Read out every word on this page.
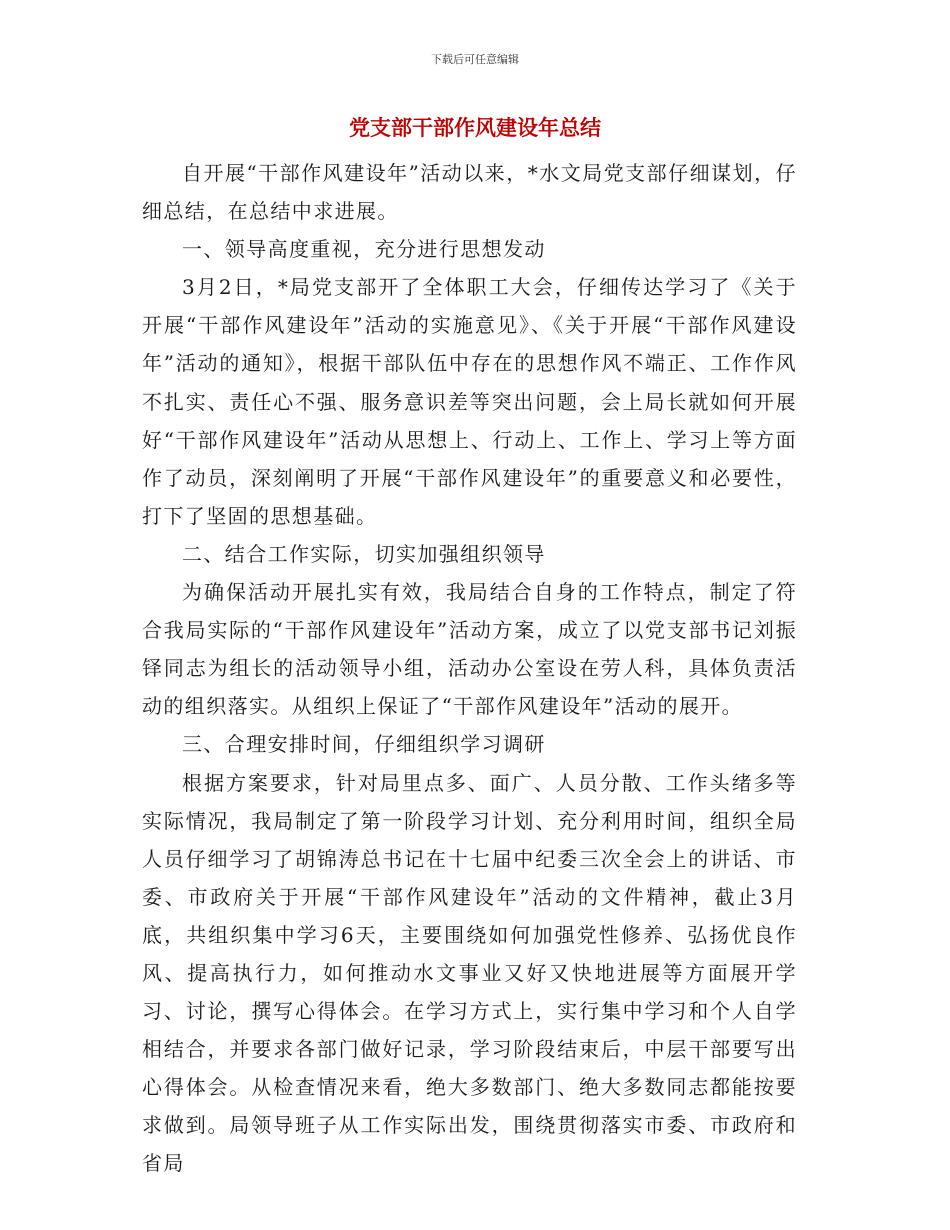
下载后可任意编辑
党支部干部作风建设年总结

自开展“干部作风建设年”活动以来，*水文局党支部仔细谋划，仔细总结，在总结中求进展。

一、领导高度重视，充分进行思想发动

3月2日，*局党支部开了全体职工大会，仔细传达学习了《关于开展“干部作风建设年”活动的实施意见》、《关于开展“干部作风建设年”活动的通知》，根据干部队伍中存在的思想作风不端正、工作作风不扎实、责任心不强、服务意识差等突出问题，会上局长就如何开展好“干部作风建设年”活动从思想上、行动上、工作上、学习上等方面作了动员，深刻阐明了开展“干部作风建设年”的重要意义和必要性，打下了坚固的思想基础。

二、结合工作实际，切实加强组织领导

为确保活动开展扎实有效，我局结合自身的工作特点，制定了符合我局实际的“干部作风建设年”活动方案，成立了以党支部书记刘振铎同志为组长的活动领导小组，活动办公室设在劳人科，具体负责活动的组织落实。从组织上保证了“干部作风建设年”活动的展开。

三、合理安排时间，仔细组织学习调研

根据方案要求，针对局里点多、面广、人员分散、工作头绪多等实际情况，我局制定了第一阶段学习计划、充分利用时间，组织全局人员仔细学习了胡锦涛总书记在十七届中纪委三次全会上的讲话、市委、市政府关于开展“干部作风建设年”活动的文件精神，截止3月底，共组织集中学习6天，主要围绕如何加强党性修养、弘扬优良作风、提高执行力，如何推动水文事业又好又快地进展等方面展开学习、讨论，撰写心得体会。在学习方式上，实行集中学习和个人自学相结合，并要求各部门做好记录，学习阶段结束后，中层干部要写出心得体会。从检查情况来看，绝大多数部门、绝大多数同志都能按要求做到。局领导班子从工作实际出发，围绕贯彻落实市委、市政府和省局
